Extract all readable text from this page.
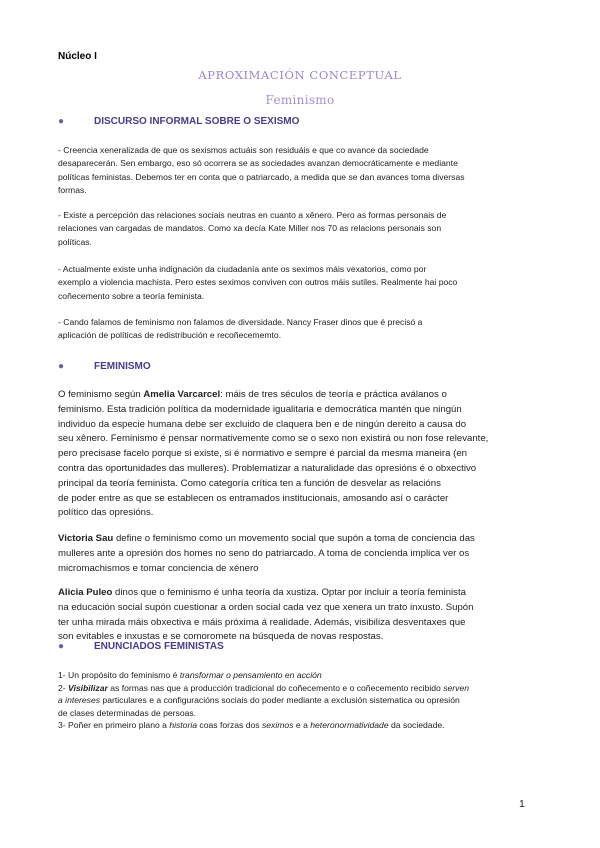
Núcleo I
APROXIMACIÓN CONCEPTUAL
Feminismo
●	DISCURSO INFORMAL SOBRE O SEXISMO
- Creencia xeneralizada de que os sexismos actuáis son residuáis e que co avance da sociedade
desaparecerán. Sen embargo, eso só ocorrera se as sociedades avanzan democráticamente e mediante
políticas feministas. Debemos ter en conta que o patriarcado, a medida que se dan avances toma diversas
formas.
- Existe a percepción das relaciones sociais neutras en cuanto a xênero. Pero as formas personais de
relaciones van cargadas de mandatos. Como xa decía Kate Miller nos 70 as relacions personais son
políticas.
- Actualmente existe unha indignación da ciudadanía ante os seximos máis vexatorios, como por
exemplo a violencia machista. Pero estes seximos conviven con outros máis sutiles. Realmente hai poco
coñecemento sobre a teoría feminista.
- Cando falamos de feminismo non falamos de diversidade. Nancy Fraser dinos que é precisó a
aplicación de políticas de redistribución e recoñecememto.
●	FEMINISMO
O feminismo según Amelia Varcarcel: máis de tres séculos de teoría e práctica aválanos o
feminismo. Esta tradición política da modernidade igualitaria e democrática mantén que ningún
individuo da especie humana debe ser excluido de claquera ben e de ningún dereito a causa do
seu xênero. Feminismo é pensar normativemente como se o sexo non existirá ou non fose relevante,
pero precisase facelo porque si existe, si é normativo e sempre é parcial da mesma maneira (en
contra das oportunidades das mulleres). Problematizar a naturalidade das opresións é o obxectivo
principal da teoría feminista. Como categoría crítica ten a función de desvelar as relacións
de poder entre as que se establecen os entramados institucionais, amosando así o carácter
político das opresións.
Victoria Sau define o feminismo como un movemento social que supón a toma de conciencia das
mulleres ante a opresión dos homes no seno do patriarcado. A toma de concienda implica ver os
micromachismos e tomar conciencia de xénero
Alicia Puleo dinos que o feminismo é unha teoría da xustiza. Optar por incluir a teoría feminista
na educación social supón cuestionar a orden social cada vez que xenera un trato inxusto. Supón
ter unha mirada máis obxectiva e máis próxima á realidade. Además, visibiliza desventaxes que
son evitables e inxustas e se comoromete na búsqueda de novas respostas.
●	ENUNCIADOS FEMINISTAS
1- Un propósito do feminismo é transformar o pensamiento en acción
2- Visibilizar as formas nas que a producción tradicional do coñecemento e o coñecemento recibido serven
a intereses particulares e a configuracións sociais do poder mediante a exclusión sistematica ou opresión
de clases determinadas de persoas.
3- Poñer en primeiro plano a historia coas forzas dos seximos e a heteronormatividade da sociedade.
1
